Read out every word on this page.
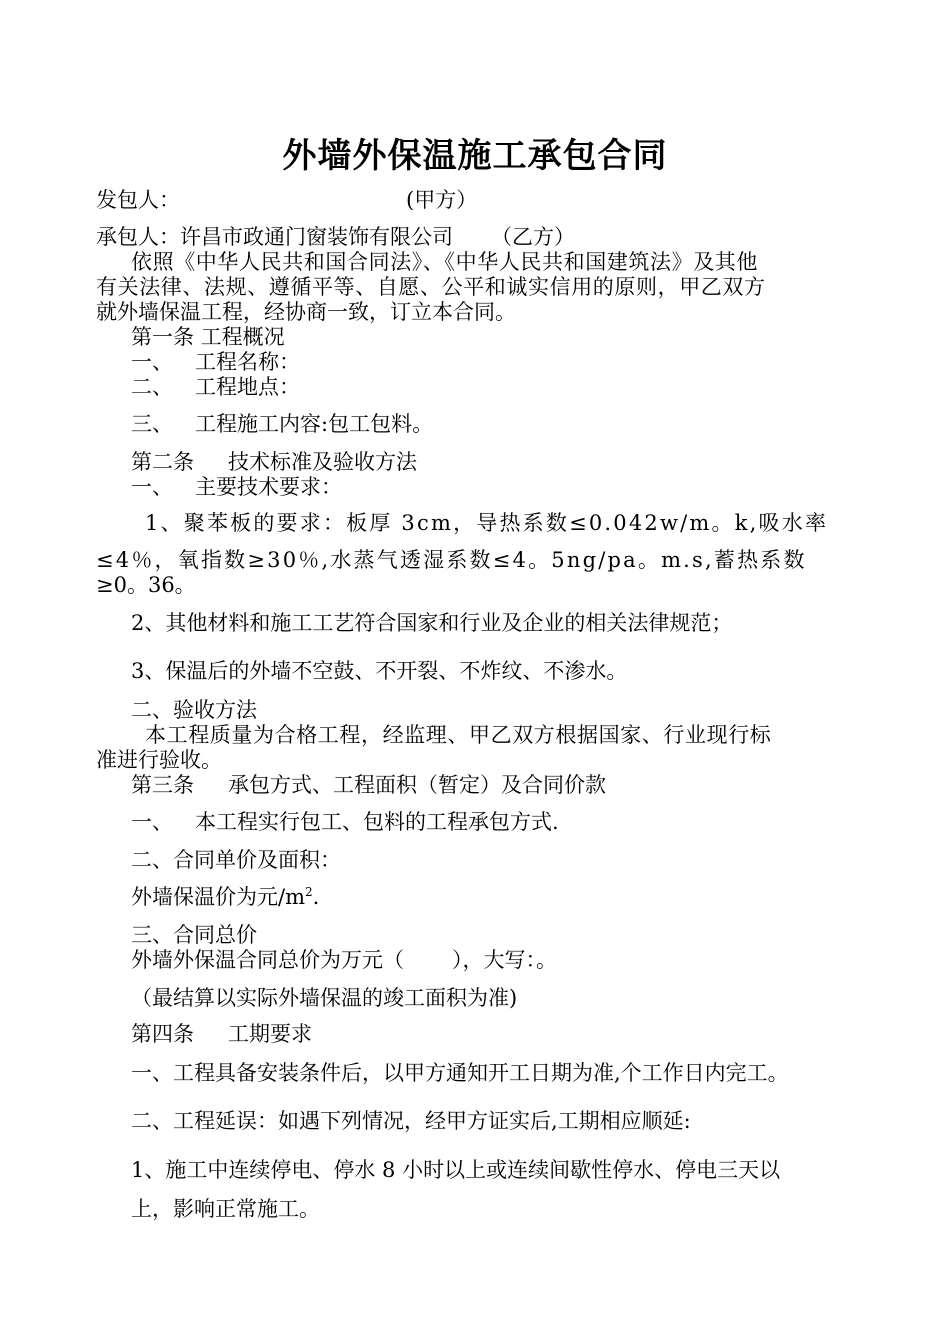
外墙外保温施工承包合同
发包人：	(甲方）
承包人：许昌市政通门窗装饰有限公司 （乙方）
依照《中华人民共和国合同法》、《中华人民共和国建筑法》及其他
有关法律、法规、遵循平等、自愿、公平和诚实信用的原则，甲乙双方
就外墙保温工程，经协商一致，订立本合同。
第一条 工程概况
一、 工程名称：
二、 工程地点：
三、 工程施工内容:包工包料。
第二条 技术标准及验收方法
一、 主要技术要求：
1、聚苯板的要求：板厚 3cm，导热系数≤0.042w/m。k,吸水率
≤4％，氧指数≥30％,水蒸气透湿系数≤4。5ng/pa。m.s,蓄热系数
≥0。36。
2、其他材料和施工工艺符合国家和行业及企业的相关法律规范；
3、保温后的外墙不空鼓、不开裂、不炸纹、不渗水。
二、验收方法
本工程质量为合格工程，经监理、甲乙双方根据国家、行业现行标
准进行验收。
第三条 承包方式、工程面积（暂定）及合同价款
一、 本工程实行包工、包料的工程承包方式.
二、合同单价及面积：
外墙保温价为元$/m^2$.
三、合同总价
外墙外保温合同总价为万元（ ），大写：。
（最结算以实际外墙保温的竣工面积为准)
第四条 工期要求
一、工程具备安装条件后，以甲方通知开工日期为准,个工作日内完工。
二、工程延误：如遇下列情况，经甲方证实后,工期相应顺延:
1、施工中连续停电、停水 8 小时以上或连续间歇性停水、停电三天以
上，影响正常施工。
